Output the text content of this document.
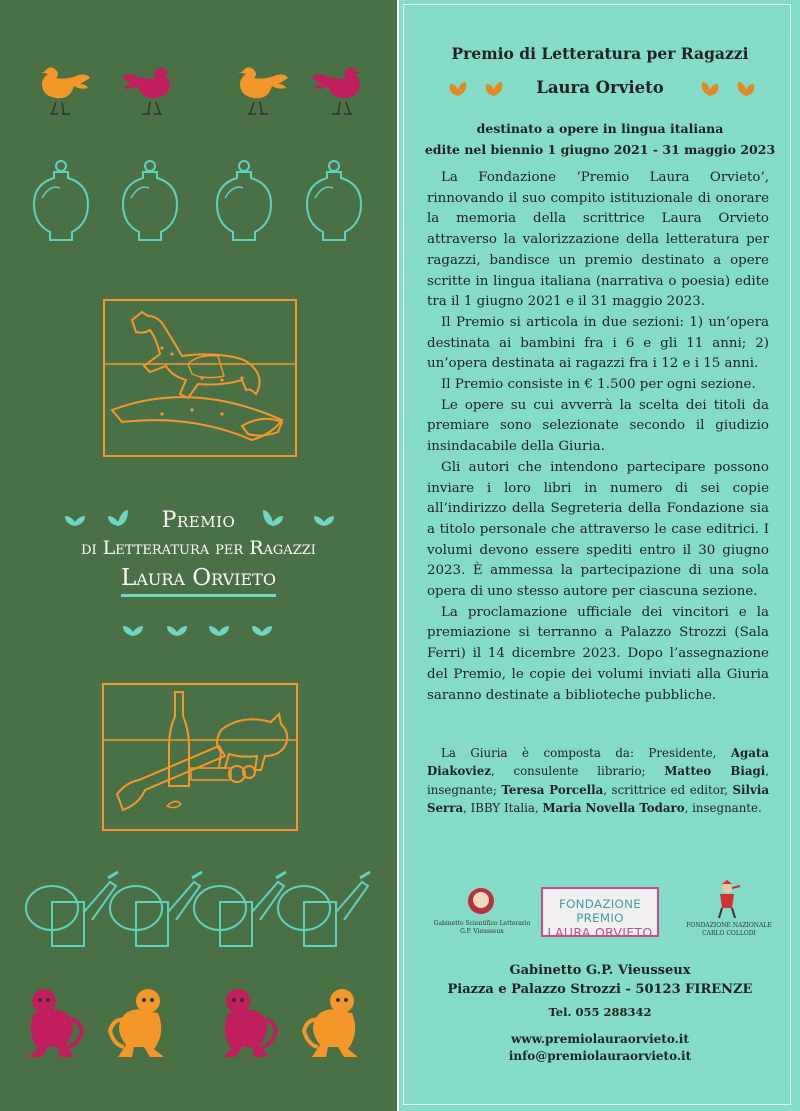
Premio
di Letteratura per Ragazzi
Laura Orvieto
Premio di Letteratura per Ragazzi
Laura Orvieto
destinato a opere in lingua italiana
edite nel biennio 1 giugno 2021 - 31 maggio 2023

La Fondazione ‘Premio Laura Orvieto’, rinnovando il suo compito istituzionale di onorare la memoria della scrittrice Laura Orvieto attraverso la valorizzazione della letteratura per ragazzi, bandisce un premio destinato a opere scritte in lingua italiana (narrativa o poesia) edite tra il 1 giugno 2021 e il 31 maggio 2023.

Il Premio si articola in due sezioni: 1) un’opera destinata ai bambini fra i 6 e gli 11 anni; 2) un’opera destinata ai ragazzi fra i 12 e i 15 anni.

Il Premio consiste in € 1.500 per ogni sezione.

Le opere su cui avverrà la scelta dei titoli da premiare sono selezionate secondo il giudizio insindacabile della Giuria.

Gli autori che intendono partecipare possono inviare i loro libri in numero di sei copie all’indirizzo della Segreteria della Fondazione sia a titolo personale che attraverso le case editrici. I volumi devono essere spediti entro il 30 giugno 2023. È ammessa la partecipazione di una sola opera di uno stesso autore per ciascuna sezione.

La proclamazione ufficiale dei vincitori e la premiazione si terranno a Palazzo Strozzi (Sala Ferri) il 14 dicembre 2023. Dopo l’assegnazione del Premio, le copie dei volumi inviati alla Giuria saranno destinate a biblioteche pubbliche.

La Giuria è composta da: Presidente, Agata Diakoviez, consulente librario; Matteo Biagi, insegnante; Teresa Porcella, scrittrice ed editor, Silvia Serra, IBBY Italia, Maria Novella Todaro, insegnante.
Gabinetto Scientifico Letterario
G.P. Vieusseux
FONDAZIONE PREMIO
LAURA ORVIETO	FONDAZIONE NAZIONALE
CARLO COLLODI
Gabinetto G.P. Vieusseux
Piazza e Palazzo Strozzi - 50123 FIRENZE
Tel. 055 288342
www.premiolauraorvieto.it
info@premiolauraorvieto.it
